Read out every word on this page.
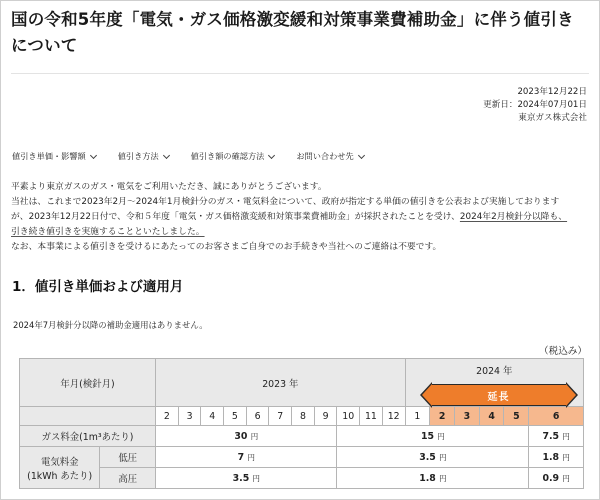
国の令和5年度「電気・ガス価格激変緩和対策事業費補助金」に伴う値引きについて
2023年12月22日
更新日：2024年07月01日
東京ガス株式会社
値引き単価・影響額	値引き方法	値引き額の確認方法	お問い合わせ先

平素より東京ガスのガス・電気をご利用いただき、誠にありがとうございます。

当社は、これまで2023年2月～2024年1月検針分のガス・電気料金について、政府が指定する単価の値引きを公表および実施しております
が、2023年12月22日付で、令和５年度「電気・ガス価格激変緩和対策事業費補助金」が採択されたことを受け、2024年2月検針分以降も、
引き続き値引きを実施することといたしました。

なお、本事業による値引きを受けるにあたってのお客さまご自身でのお手続きや当社へのご連絡は不要です。

1．値引き単価および適用月
2024年7月検針分以降の補助金適用はありません。
（税込み）
年月(検針月)		2023 年											2024 年
延長					

		2	3	4	5	6	7	8	9	10	11	12	1	2	3	4	5	6
ガス料金(1m³あたり)		30 円								15 円								7.5 円

電気料金
(1kWh あたり)	低圧	7 円								3.5 円								1.8 円
	高圧	3.5 円								1.8 円								0.9 円
